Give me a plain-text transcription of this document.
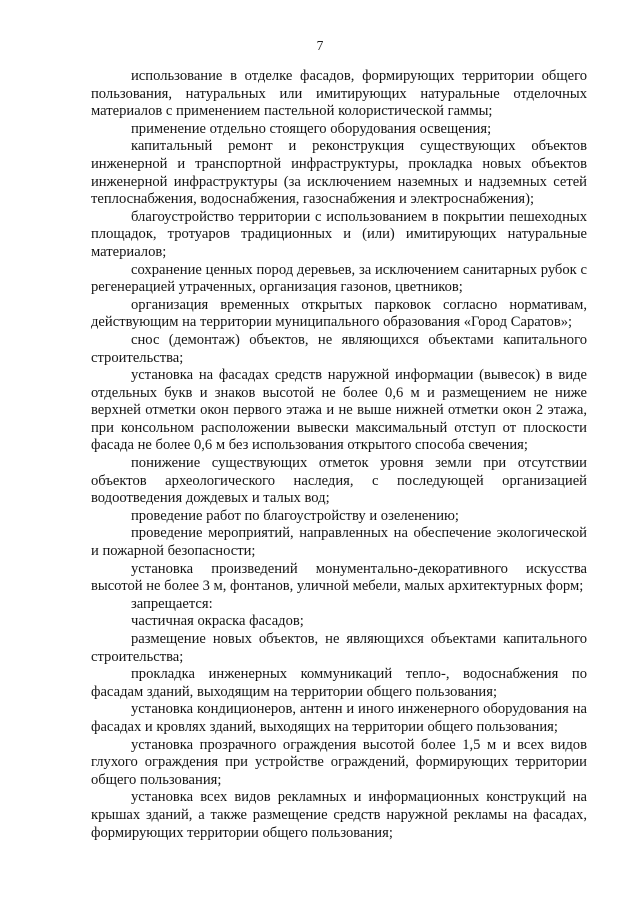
7

использование в отделке фасадов, формирующих территории общего пользования, натуральных или имитирующих натуральные отделочных материалов с применением пастельной колористической гаммы;

применение отдельно стоящего оборудования освещения;

капитальный ремонт и реконструкция существующих объектов инженерной и транспортной инфраструктуры, прокладка новых объектов инженерной инфраструктуры (за исключением наземных и надземных сетей теплоснабжения, водоснабжения, газоснабжения и электроснабжения);

благоустройство территории с использованием в покрытии пешеходных площадок, тротуаров традиционных и (или) имитирующих натуральные материалов;

сохранение ценных пород деревьев, за исключением санитарных рубок с регенерацией утраченных, организация газонов, цветников;

организация временных открытых парковок согласно нормативам, действующим на территории муниципального образования «Город Саратов»;

снос (демонтаж) объектов, не являющихся объектами капитального строительства;

установка на фасадах средств наружной информации (вывесок) в виде отдельных букв и знаков высотой не более 0,6 м и размещением не ниже верхней отметки окон первого этажа и не выше нижней отметки окон 2 этажа, при консольном расположении вывески максимальный отступ от плоскости фасада не более 0,6 м без использования открытого способа свечения;

понижение существующих отметок уровня земли при отсутствии объектов археологического наследия, с последующей организацией водоотведения дождевых и талых вод;

проведение работ по благоустройству и озеленению;

проведение мероприятий, направленных на обеспечение экологической и пожарной безопасности;

установка произведений монументально-декоративного искусства высотой не более 3 м, фонтанов, уличной мебели, малых архитектурных форм;

запрещается:

частичная окраска фасадов;

размещение новых объектов, не являющихся объектами капитального строительства;

прокладка инженерных коммуникаций тепло-, водоснабжения по фасадам зданий, выходящим на территории общего пользования;

установка кондиционеров, антенн и иного инженерного оборудования на фасадах и кровлях зданий, выходящих на территории общего пользования;

установка прозрачного ограждения высотой более 1,5 м и всех видов глухого ограждения при устройстве ограждений, формирующих территории общего пользования;

установка всех видов рекламных и информационных конструкций на крышах зданий, а также размещение средств наружной рекламы на фасадах, формирующих территории общего пользования;
